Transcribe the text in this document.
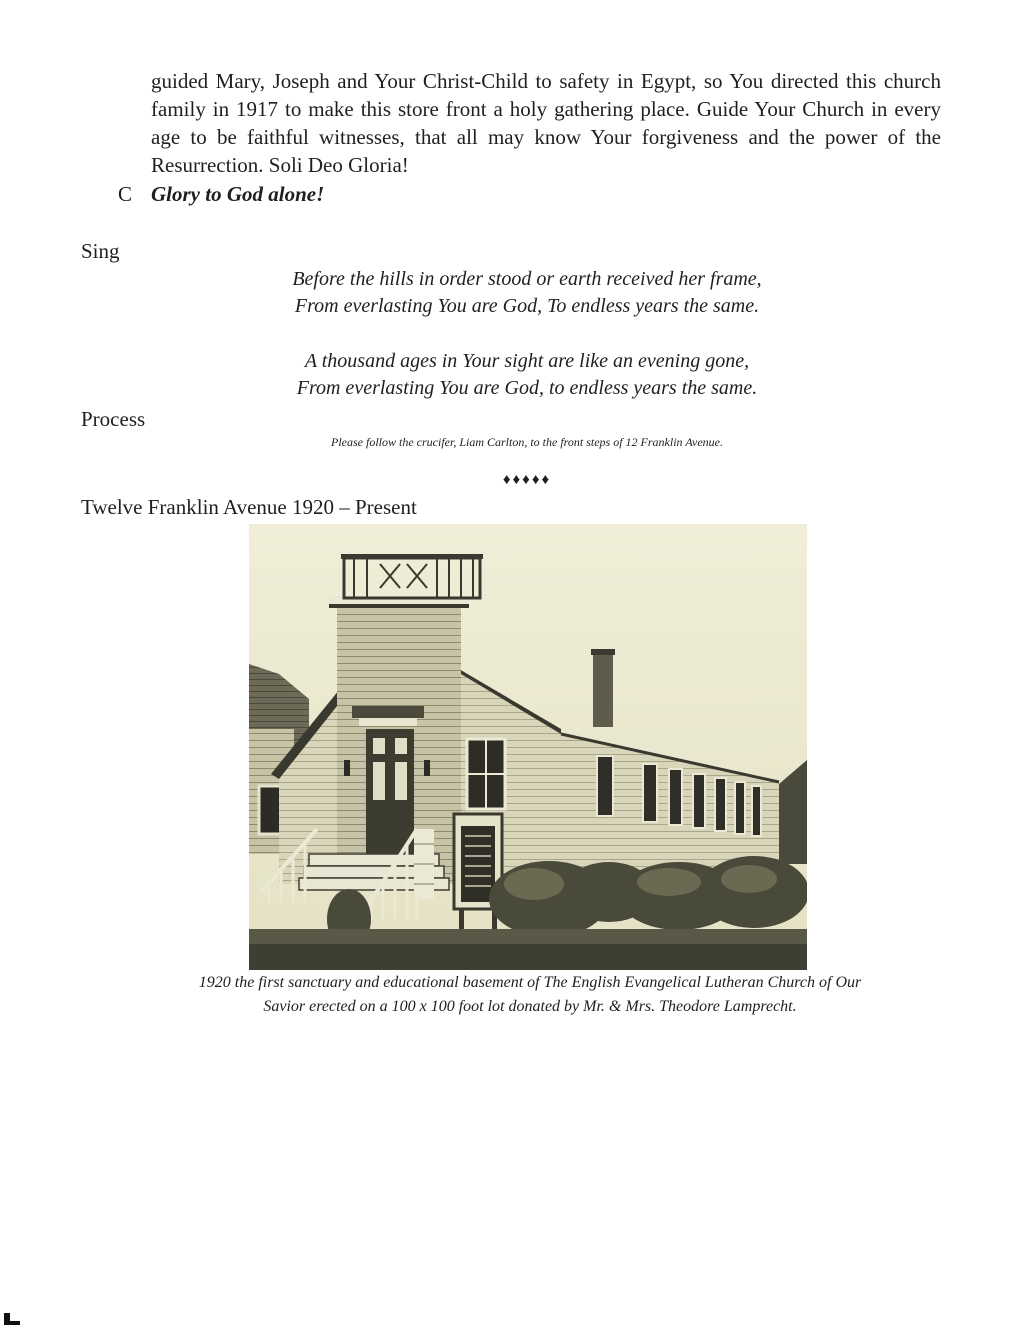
guided Mary, Joseph and Your Christ-Child to safety in Egypt, so You directed this church family in 1917 to make this store front a holy gathering place. Guide Your Church in every age to be faithful witnesses, that all may know Your forgiveness and the power of the Resurrection. Soli Deo Gloria!

C Glory to God alone!
Sing
Before the hills in order stood or earth received her frame,
From everlasting You are God, To endless years the same.
A thousand ages in Your sight are like an evening gone,
From everlasting You are God, to endless years the same.
Process
Please follow the crucifer, Liam Carlton, to the front steps of 12 Franklin Avenue.
♦♦♦♦♦
Twelve Franklin Avenue 1920 – Present
1920 the first sanctuary and educational basement of The English Evangelical Lutheran Church of Our
Savior erected on a 100 x 100 foot lot donated by Mr. & Mrs. Theodore Lamprecht.
